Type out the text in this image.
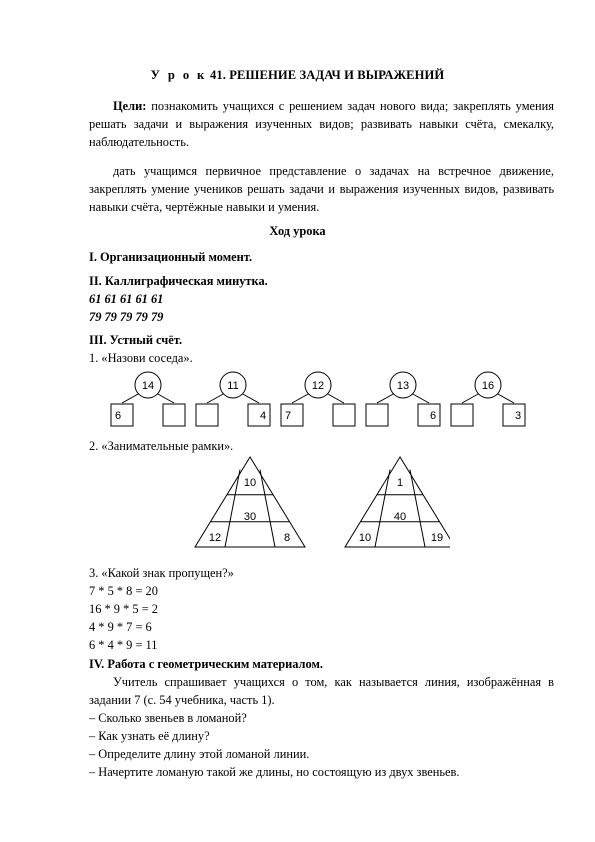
У р о к 41. РЕШЕНИЕ ЗАДАЧ И ВЫРАЖЕНИЙ
Цели: познакомить учащихся с решением задач нового вида; закреплять умения решать задачи и выражения изученных видов; развивать навыки счёта, смекалку, наблюдательность.
дать учащимся первичное представление о задачах на встречное движение, закреплять умение учеников решать задачи и выражения изученных видов, развивать навыки счёта, чертёжные навыки и умения.
Ход урока
I. Организационный момент.
II. Каллиграфическая минутка.
61 61 61 61 61
79 79 79 79 79
III. Устный счёт.
1. «Назови соседа».
14
6
11
4
12
7
13
6
16
3
2. «Занимательные рамки».
10
30
12	8
1
40
10	19
3. «Какой знак пропущен?»
7 * 5 * 8 = 20
16 * 9 * 5 = 2
4 * 9 * 7 = 6
6 * 4 * 9 = 11
IV. Работа с геометрическим материалом.
Учитель спрашивает учащихся о том, как называется линия, изображённая в задании 7 (с. 54 учебника, часть 1).
– Сколько звеньев в ломаной?
– Как узнать её длину?
– Определите длину этой ломаной линии.
– Начертите ломаную такой же длины, но состоящую из двух звеньев.
